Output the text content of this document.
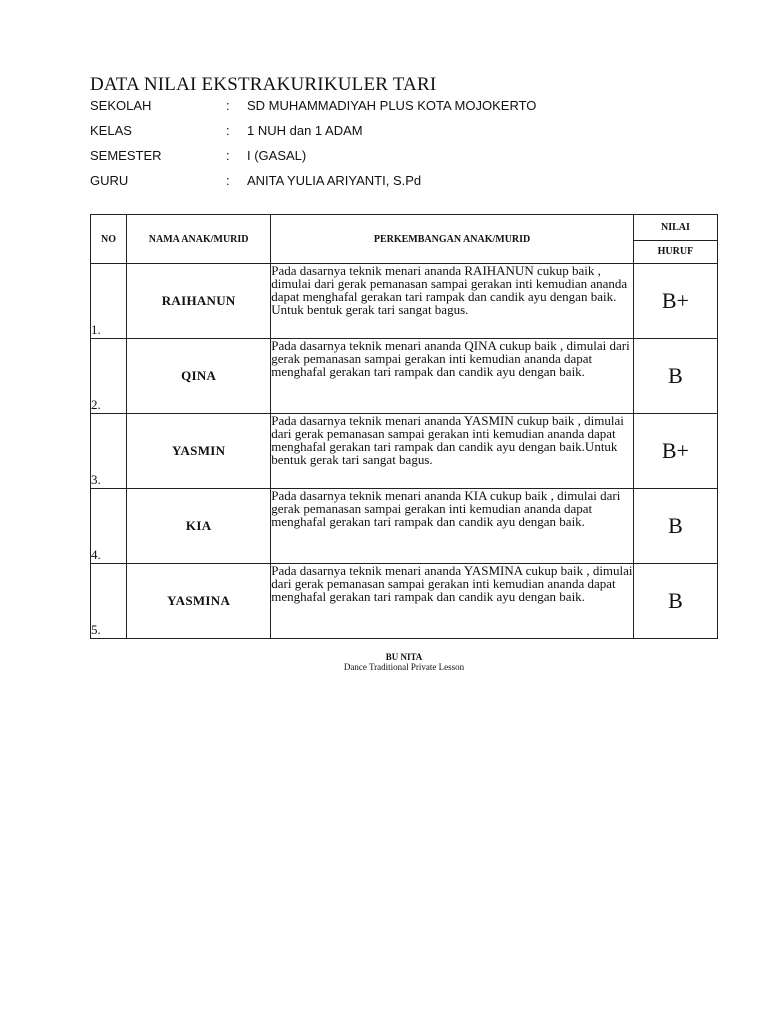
DATA NILAI EKSTRAKURIKULER TARI
SEKOLAH	: SD MUHAMMADIYAH PLUS KOTA MOJOKERTO
KELAS	: 1 NUH dan 1 ADAM
SEMESTER	: I (GASAL)
GURU	: ANITA YULIA ARIYANTI, S.Pd
NO	NAMA ANAK/MURID	PERKEMBANGAN ANAK/MURID	NILAI
			HURUF
1.	RAIHANUN	Pada dasarnya teknik menari ananda RAIHANUN cukup baik , dimulai dari gerak pemanasan sampai gerakan inti kemudian ananda dapat menghafal gerakan tari rampak dan candik ayu dengan baik. Untuk bentuk gerak tari sangat bagus.	B+
2.	QINA	Pada dasarnya teknik menari ananda QINA cukup baik , dimulai dari gerak pemanasan sampai gerakan inti kemudian ananda dapat menghafal gerakan tari rampak dan candik ayu dengan baik.	B
3.	YASMIN	Pada dasarnya teknik menari ananda YASMIN cukup baik , dimulai dari gerak pemanasan sampai gerakan inti kemudian ananda dapat menghafal gerakan tari rampak dan candik ayu dengan baik.Untuk bentuk gerak tari sangat bagus.	B+
4.	KIA	Pada dasarnya teknik menari ananda KIA cukup baik , dimulai dari gerak pemanasan sampai gerakan inti kemudian ananda dapat menghafal gerakan tari rampak dan candik ayu dengan baik.	B
5.	YASMINA	Pada dasarnya teknik menari ananda YASMINA cukup baik , dimulai dari gerak pemanasan sampai gerakan inti kemudian ananda dapat menghafal gerakan tari rampak dan candik ayu dengan baik.	B
BU NITA
Dance Traditional Private Lesson
